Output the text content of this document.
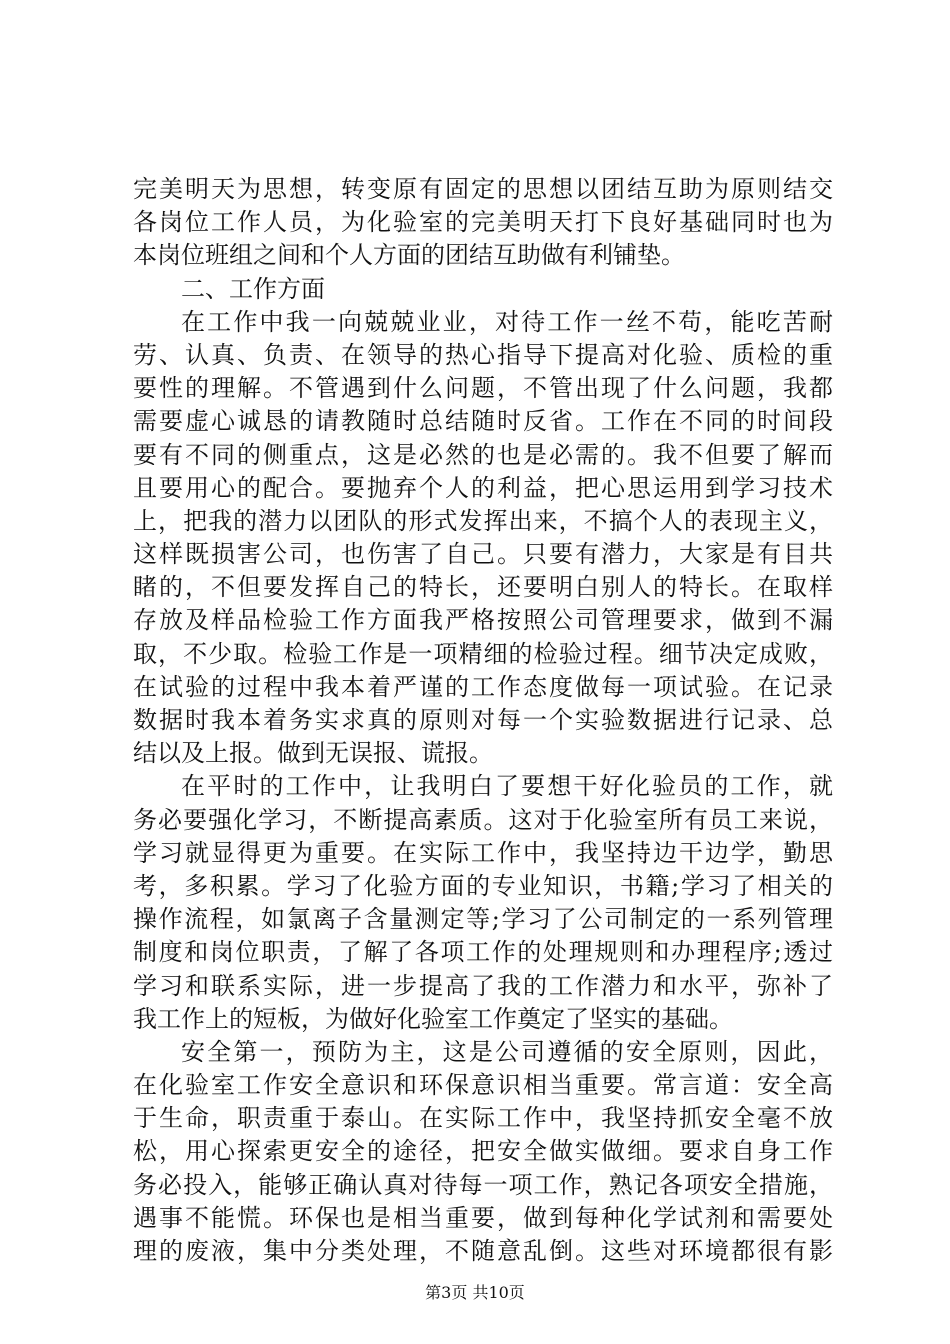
完美明天为思想，转变原有固定的思想以团结互助为原则结交
各岗位工作人员，为化验室的完美明天打下良好基础同时也为
本岗位班组之间和个人方面的团结互助做有利铺垫。
二、工作方面
在工作中我一向兢兢业业，对待工作一丝不苟，能吃苦耐
劳、认真、负责、在领导的热心指导下提高对化验、质检的重
要性的理解。不管遇到什么问题，不管出现了什么问题，我都
需要虚心诚恳的请教随时总结随时反省。工作在不同的时间段
要有不同的侧重点，这是必然的也是必需的。我不但要了解而
且要用心的配合。要抛弃个人的利益，把心思运用到学习技术
上，把我的潜力以团队的形式发挥出来，不搞个人的表现主义，
这样既损害公司，也伤害了自己。只要有潜力，大家是有目共
睹的，不但要发挥自己的特长，还要明白别人的特长。在取样
存放及样品检验工作方面我严格按照公司管理要求，做到不漏
取，不少取。检验工作是一项精细的检验过程。细节决定成败，
在试验的过程中我本着严谨的工作态度做每一项试验。在记录
数据时我本着务实求真的原则对每一个实验数据进行记录、总
结以及上报。做到无误报、谎报。
在平时的工作中，让我明白了要想干好化验员的工作，就
务必要强化学习，不断提高素质。这对于化验室所有员工来说，
学习就显得更为重要。在实际工作中，我坚持边干边学，勤思
考，多积累。学习了化验方面的专业知识，书籍;学习了相关的
操作流程，如氯离子含量测定等;学习了公司制定的一系列管理
制度和岗位职责，了解了各项工作的处理规则和办理程序;透过
学习和联系实际，进一步提高了我的工作潜力和水平，弥补了
我工作上的短板，为做好化验室工作奠定了坚实的基础。
安全第一，预防为主，这是公司遵循的安全原则，因此，
在化验室工作安全意识和环保意识相当重要。常言道：安全高
于生命，职责重于泰山。在实际工作中，我坚持抓安全毫不放
松，用心探索更安全的途径，把安全做实做细。要求自身工作
务必投入，能够正确认真对待每一项工作，熟记各项安全措施，
遇事不能慌。环保也是相当重要，做到每种化学试剂和需要处
理的废液，集中分类处理，不随意乱倒。这些对环境都很有影
第3页 共10页
